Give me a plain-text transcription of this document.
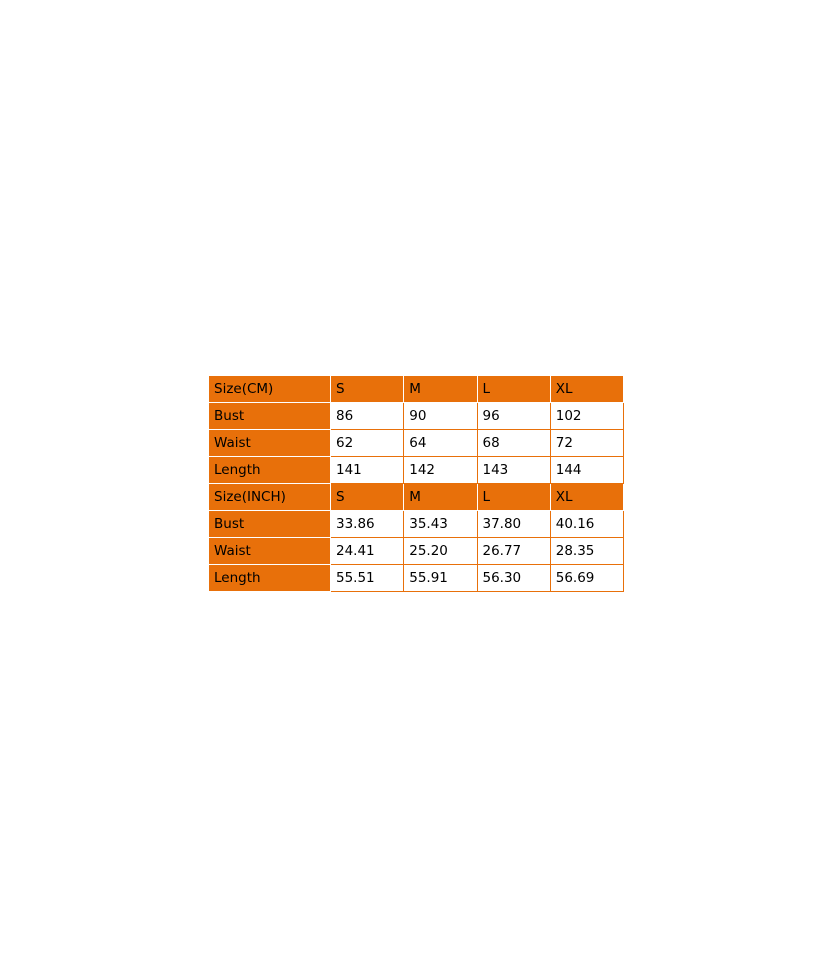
Size(CM)	S	M	L	XL
Bust	86	90	96	102
Waist	62	64	68	72
Length	141	142	143	144
Size(INCH)	S	M	L	XL
Bust	33.86	35.43	37.80	40.16
Waist	24.41	25.20	26.77	28.35
Length	55.51	55.91	56.30	56.69
